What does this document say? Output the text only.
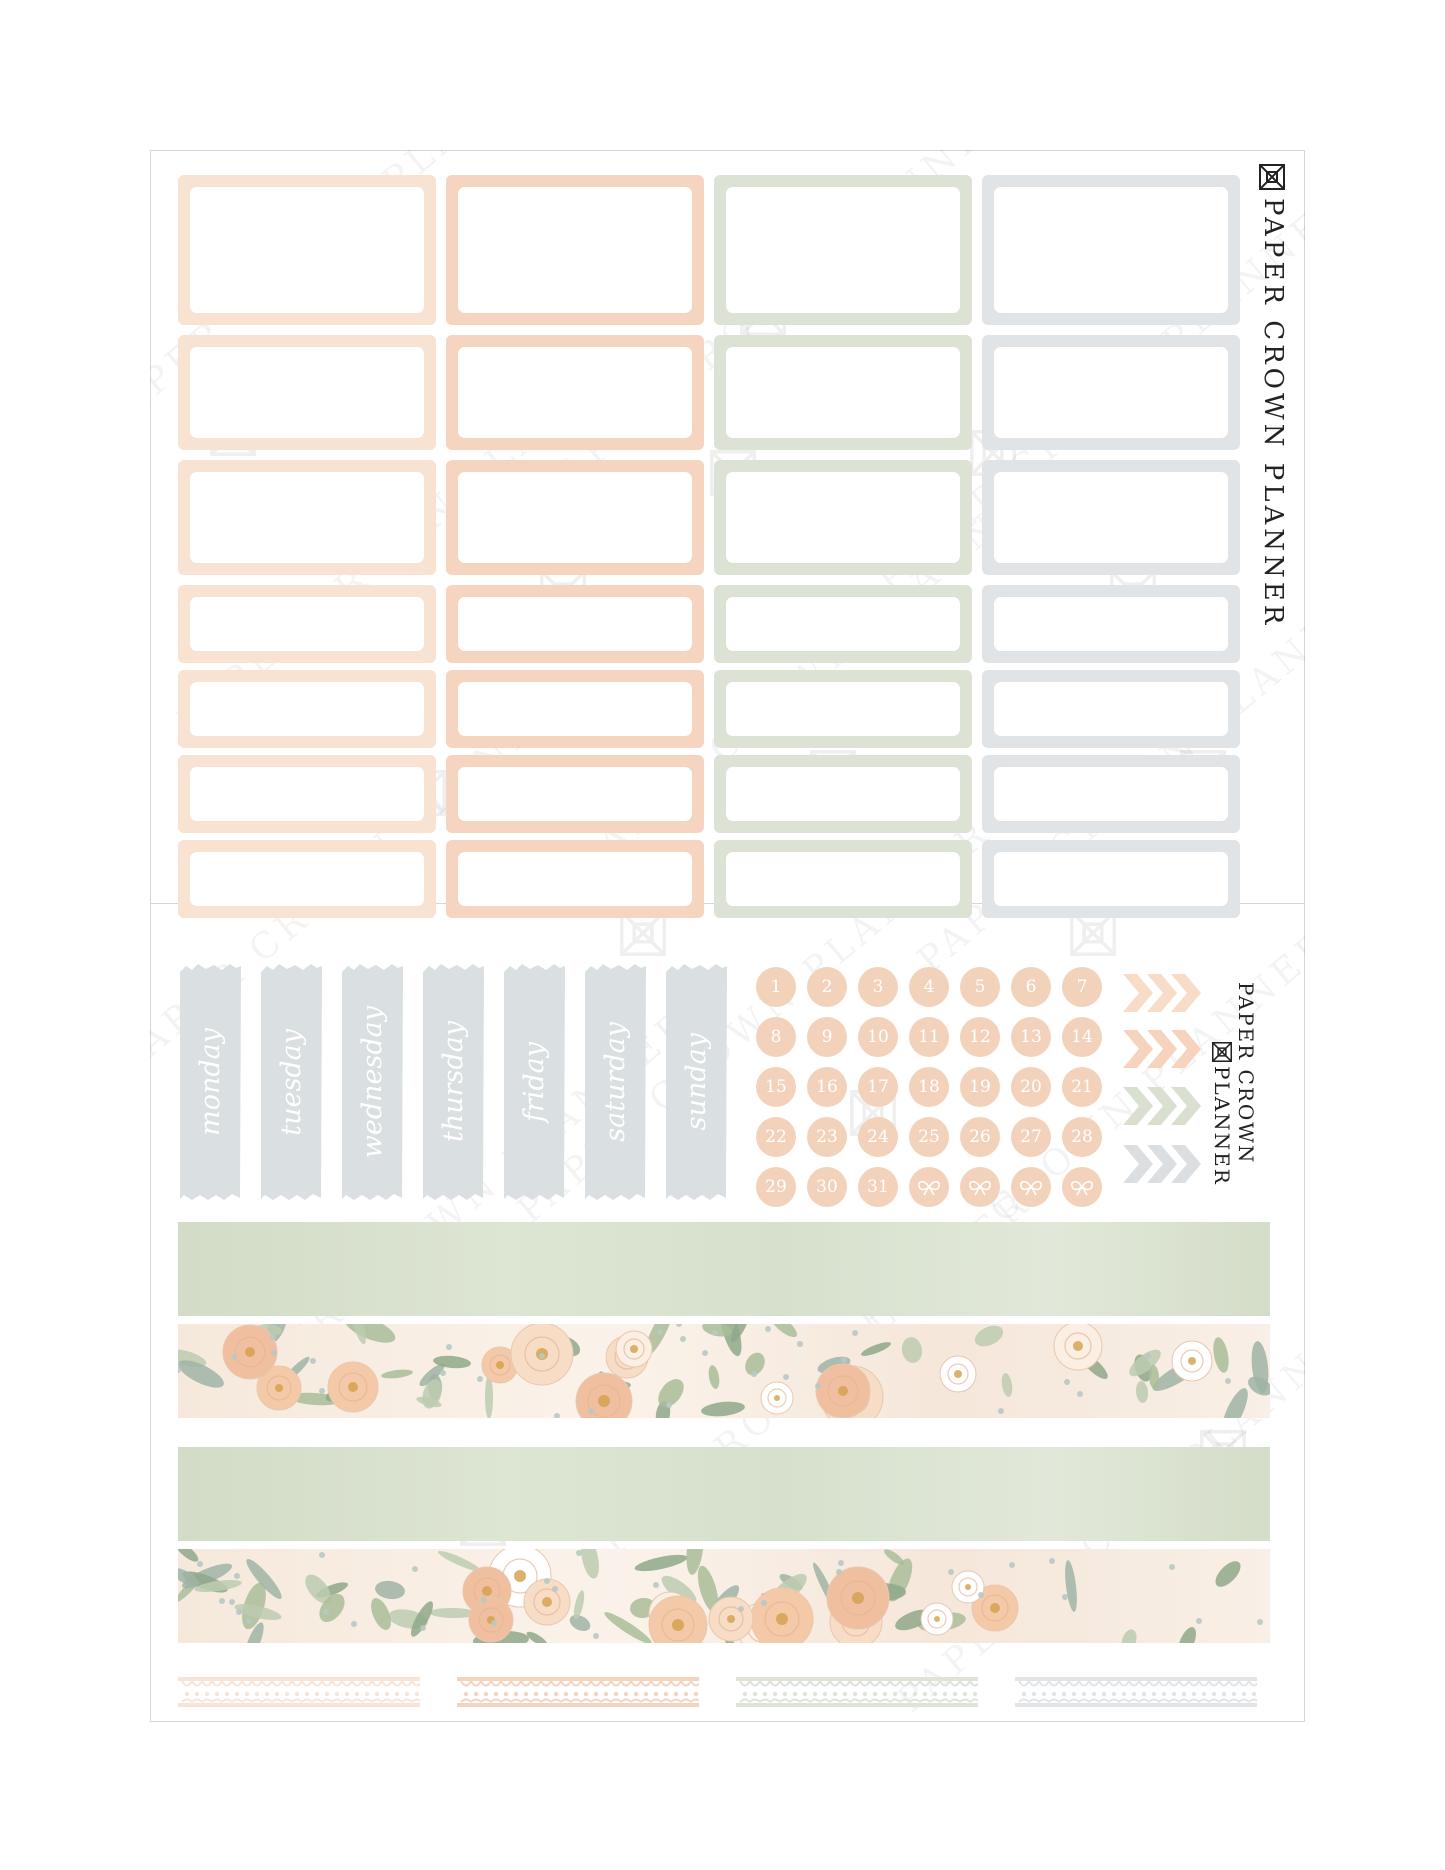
PAPER CROWN PLANNER
monday tuesday wednesday thursday friday saturday sunday
1	2	3	4	5	6	7
8	9	10	11	12	13	14
15	16	17	18	19	20	21
22	23	24	25	26	27	28
29	30	31
PAPER CROWN
PLANNER
